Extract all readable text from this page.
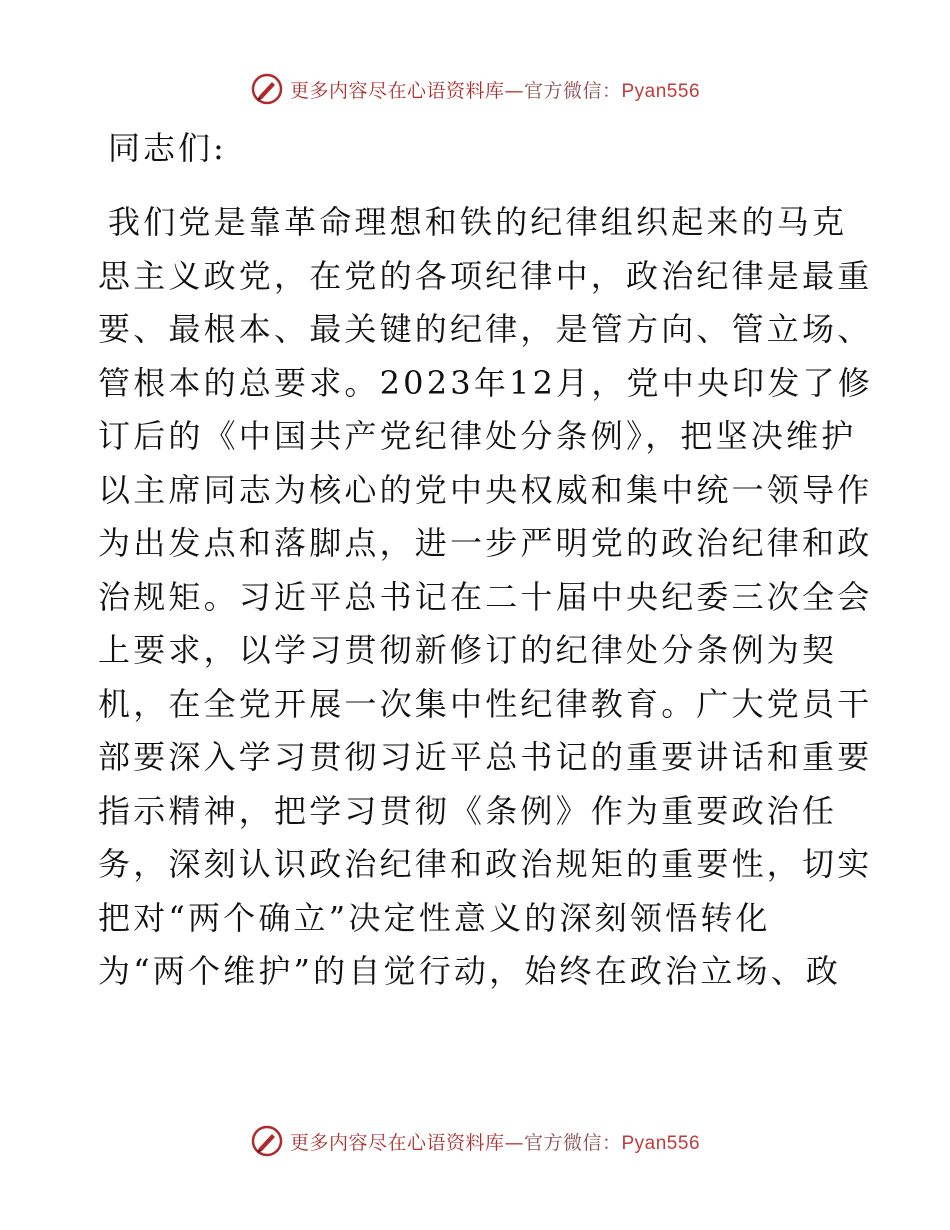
更多内容尽在心语资料库—官方微信：Pyan556
同志们:
我们党是靠革命理想和铁的纪律组织起来的马克
思主义政党，在党的各项纪律中，政治纪律是最重
要、最根本、最关键的纪律，是管方向、管立场、
管根本的总要求。2023年12月，党中央印发了修
订后的《中国共产党纪律处分条例》，把坚决维护
以主席同志为核心的党中央权威和集中统一领导作
为出发点和落脚点，进一步严明党的政治纪律和政
治规矩。习近平总书记在二十届中央纪委三次全会
上要求，以学习贯彻新修订的纪律处分条例为契
机，在全党开展一次集中性纪律教育。广大党员干
部要深入学习贯彻习近平总书记的重要讲话和重要
指示精神，把学习贯彻《条例》作为重要政治任
务，深刻认识政治纪律和政治规矩的重要性，切实
把对“两个确立”决定性意义的深刻领悟转化
为“两个维护”的自觉行动，始终在政治立场、政
更多内容尽在心语资料库—官方微信：Pyan556
